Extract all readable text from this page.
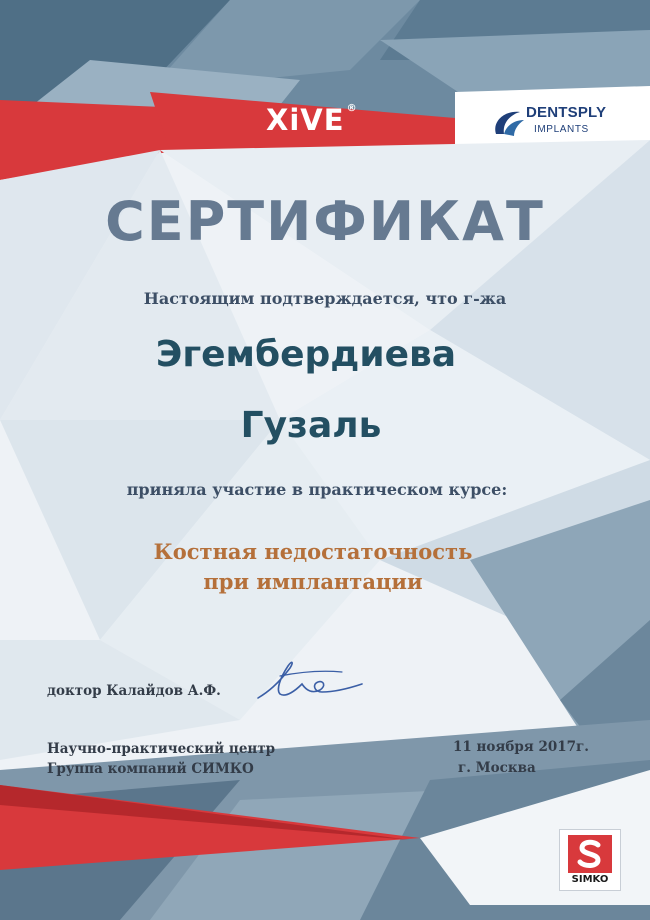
XiVE ®	DENTSPLY
IMPLANTS
СЕРТИФИКАТ
Настоящим подтверждается, что г-жа
Эгембердиева
Гузаль
приняла участие в практическом курсе:
Костная недостаточность
при имплантации
доктор Калайдов А.Ф.
Научно-практический центр
Группа компаний СИМКО
11 ноября 2017г.
г. Москва
SIMKO
